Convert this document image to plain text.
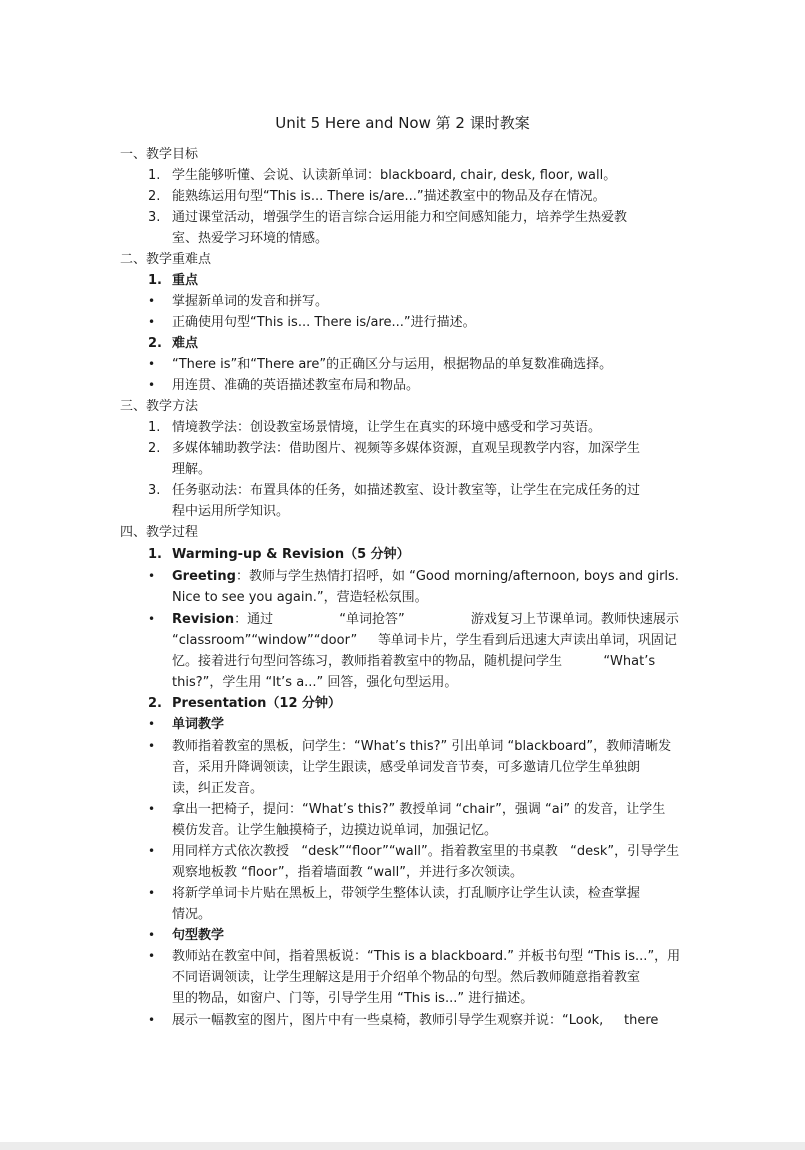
Unit 5 Here and Now 第 2 课时教案
一、教学目标
1. 学生能够听懂、会说、认读新单词：blackboard, chair, desk, floor, wall。
2. 能熟练运用句型“This is... There is/are...”描述教室中的物品及存在情况。
3. 通过课堂活动，增强学生的语言综合运用能力和空间感知能力，培养学生热爱教
室、热爱学习环境的情感。
二、教学重难点
1. 重点
• 掌握新单词的发音和拼写。
• 正确使用句型“This is... There is/are...”进行描述。
2. 难点
• “There is”和“There are”的正确区分与运用，根据物品的单复数准确选择。
• 用连贯、准确的英语描述教室布局和物品。
三、教学方法
1. 情境教学法：创设教室场景情境，让学生在真实的环境中感受和学习英语。
2. 多媒体辅助教学法：借助图片、视频等多媒体资源，直观呈现教学内容，加深学生
理解。
3. 任务驱动法：布置具体的任务，如描述教室、设计教室等，让学生在完成任务的过
程中运用所学知识。
四、教学过程
1. Warming-up & Revision（5 分钟）
• Greeting：教师与学生热情打招呼，如 “Good morning/afternoon, boys and girls.
Nice to see you again.”，营造轻松氛围。
• Revision：通过                “单词抢答”                游戏复习上节课单词。教师快速展示
“classroom”“window”“door”     等单词卡片，学生看到后迅速大声读出单词，巩固记
忆。接着进行句型问答练习，教师指着教室中的物品，随机提问学生          “What’s
this?”，学生用 “It’s a...” 回答，强化句型运用。
2. Presentation（12 分钟）
• 单词教学
• 教师指着教室的黑板，问学生：“What’s this?” 引出单词 “blackboard”，教师清晰发
音，采用升降调领读，让学生跟读，感受单词发音节奏，可多邀请几位学生单独朗
读，纠正发音。
• 拿出一把椅子，提问：“What’s this?” 教授单词 “chair”，强调 “ai” 的发音，让学生
模仿发音。让学生触摸椅子，边摸边说单词，加强记忆。
• 用同样方式依次教授   “desk”“floor”“wall”。指着教室里的书桌教   “desk”，引导学生
观察地板教 “floor”，指着墙面教 “wall”，并进行多次领读。
• 将新学单词卡片贴在黑板上，带领学生整体认读，打乱顺序让学生认读，检查掌握
情况。
• 句型教学
• 教师站在教室中间，指着黑板说：“This is a blackboard.” 并板书句型 “This is...”，用
不同语调领读，让学生理解这是用于介绍单个物品的句型。然后教师随意指着教室
里的物品，如窗户、门等，引导学生用 “This is...” 进行描述。
• 展示一幅教室的图片，图片中有一些桌椅，教师引导学生观察并说：“Look,     there
